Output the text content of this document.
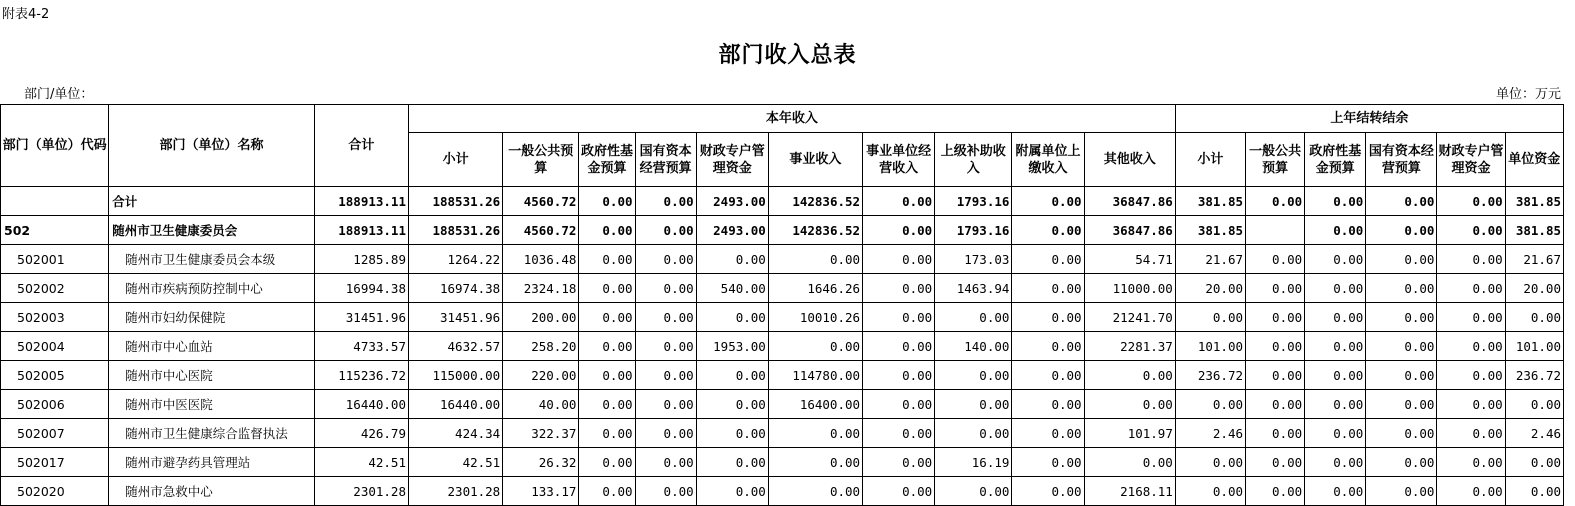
附表4-2
部门收入总表
部门/单位：	单位：万元
部门（单位）代码	部门（单位）名称	合计	本年收入										上年结转结余					
			小计	一般公共预算	政府性基金预算	国有资本经营预算	财政专户管理资金	事业收入	事业单位经营收入	上级补助收入	附属单位上缴收入	其他收入	小计	一般公共预算	政府性基金预算	国有资本经营预算	财政专户管理资金	单位资金
	合计	188913.11	188531.26	4560.72	0.00	0.00	2493.00	142836.52	0.00	1793.16	0.00	36847.86	381.85	0.00	0.00	0.00	0.00	381.85
502	随州市卫生健康委员会	188913.11	188531.26	4560.72	0.00	0.00	2493.00	142836.52	0.00	1793.16	0.00	36847.86	381.85		0.00	0.00	0.00	381.85
502001	随州市卫生健康委员会本级	1285.89	1264.22	1036.48	0.00	0.00	0.00	0.00	0.00	173.03	0.00	54.71	21.67	0.00	0.00	0.00	0.00	21.67
502002	随州市疾病预防控制中心	16994.38	16974.38	2324.18	0.00	0.00	540.00	1646.26	0.00	1463.94	0.00	11000.00	20.00	0.00	0.00	0.00	0.00	20.00
502003	随州市妇幼保健院	31451.96	31451.96	200.00	0.00	0.00	0.00	10010.26	0.00	0.00	0.00	21241.70	0.00	0.00	0.00	0.00	0.00	0.00
502004	随州市中心血站	4733.57	4632.57	258.20	0.00	0.00	1953.00	0.00	0.00	140.00	0.00	2281.37	101.00	0.00	0.00	0.00	0.00	101.00
502005	随州市中心医院	115236.72	115000.00	220.00	0.00	0.00	0.00	114780.00	0.00	0.00	0.00	0.00	236.72	0.00	0.00	0.00	0.00	236.72
502006	随州市中医医院	16440.00	16440.00	40.00	0.00	0.00	0.00	16400.00	0.00	0.00	0.00	0.00	0.00	0.00	0.00	0.00	0.00	0.00
502007	随州市卫生健康综合监督执法	426.79	424.34	322.37	0.00	0.00	0.00	0.00	0.00	0.00	0.00	101.97	2.46	0.00	0.00	0.00	0.00	2.46
502017	随州市避孕药具管理站	42.51	42.51	26.32	0.00	0.00	0.00	0.00	0.00	16.19	0.00	0.00	0.00	0.00	0.00	0.00	0.00	0.00
502020	随州市急救中心	2301.28	2301.28	133.17	0.00	0.00	0.00	0.00	0.00	0.00	0.00	2168.11	0.00	0.00	0.00	0.00	0.00	0.00
